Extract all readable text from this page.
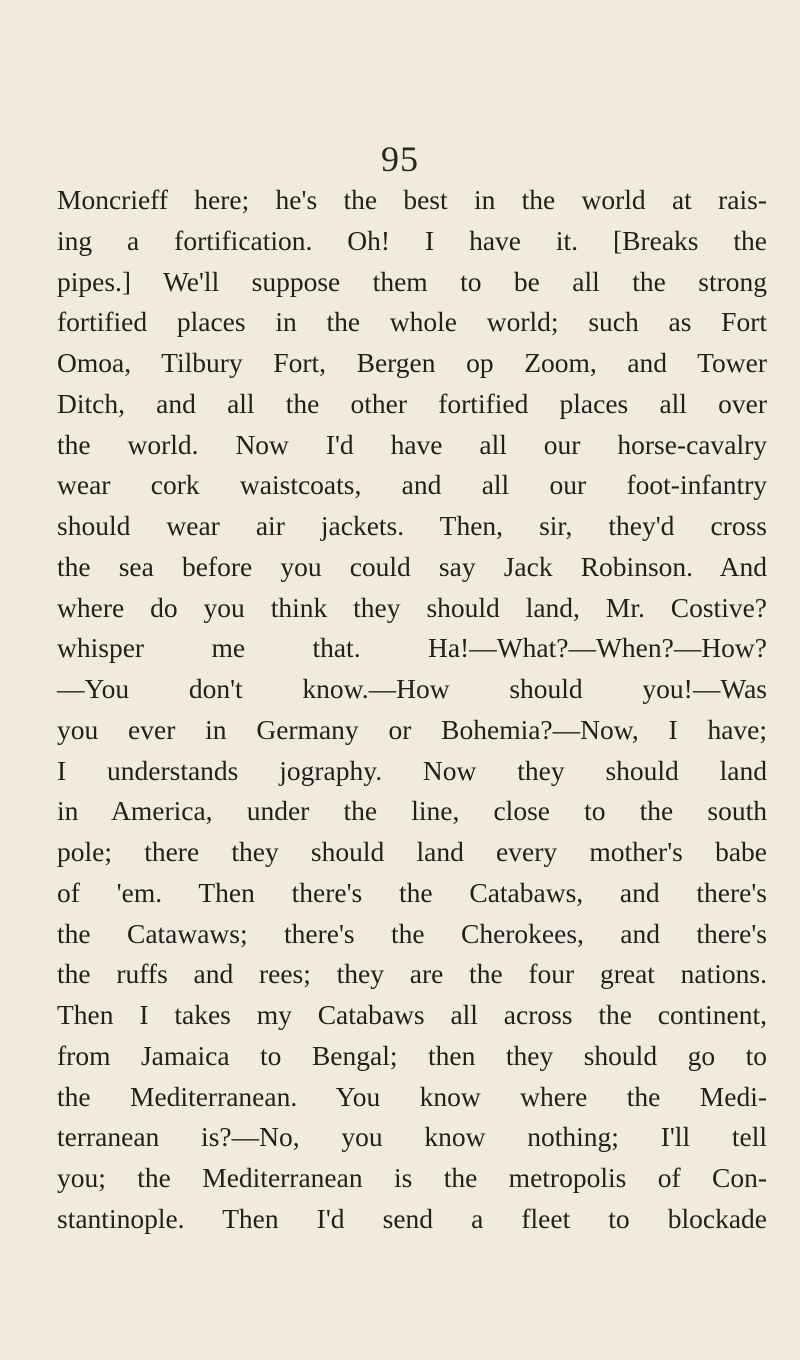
95
Moncrieff here; he's the best in the world at rais-
ing a fortification. Oh! I have it. [Breaks the
pipes.] We'll suppose them to be all the strong
fortified places in the whole world; such as Fort
Omoa, Tilbury Fort, Bergen op Zoom, and Tower
Ditch, and all the other fortified places all over
the world. Now I'd have all our horse-cavalry
wear cork waistcoats, and all our foot-infantry
should wear air jackets. Then, sir, they'd cross
the sea before you could say Jack Robinson. And
where do you think they should land, Mr. Costive?
whisper me that. Ha!—What?—When?—How?
—You don't know.—How should you!—Was
you ever in Germany or Bohemia?—Now, I have;
I understands jography. Now they should land
in America, under the line, close to the south
pole; there they should land every mother's babe
of 'em. Then there's the Catabaws, and there's
the Catawaws; there's the Cherokees, and there's
the ruffs and rees; they are the four great nations.
Then I takes my Catabaws all across the continent,
from Jamaica to Bengal; then they should go to
the Mediterranean. You know where the Medi-
terranean is?—No, you know nothing; I'll tell
you; the Mediterranean is the metropolis of Con-
stantinople. Then I'd send a fleet to blockade
